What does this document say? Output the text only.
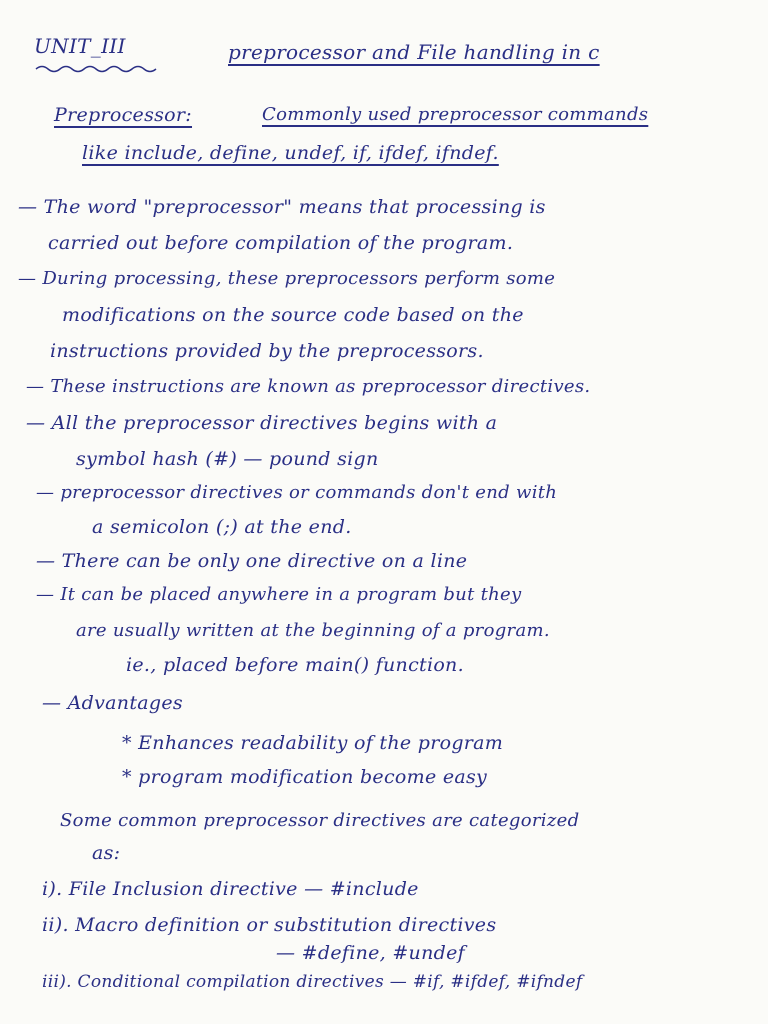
UNIT_III	preprocessor and File handling in c
Preprocessor:	Commonly used preprocessor commands
like include, define, undef, if, ifdef, ifndef.
— The word "preprocessor" means that processing is
carried out before compilation of the program.
— During processing, these preprocessors perform some
modifications on the source code based on the
instructions provided by the preprocessors.
— These instructions are known as preprocessor directives.
— All the preprocessor directives begins with a
symbol hash (#) — pound sign
— preprocessor directives or commands don't end with
a semicolon (;) at the end.
— There can be only one directive on a line
— It can be placed anywhere in a program but they
are usually written at the beginning of a program.
ie., placed before main() function.
— Advantages
* Enhances readability of the program
* program modification become easy
Some common preprocessor directives are categorized
as:
i). File Inclusion directive — #include
ii). Macro definition or substitution directives
— #define, #undef
iii). Conditional compilation directives — #if, #ifdef, #ifndef
